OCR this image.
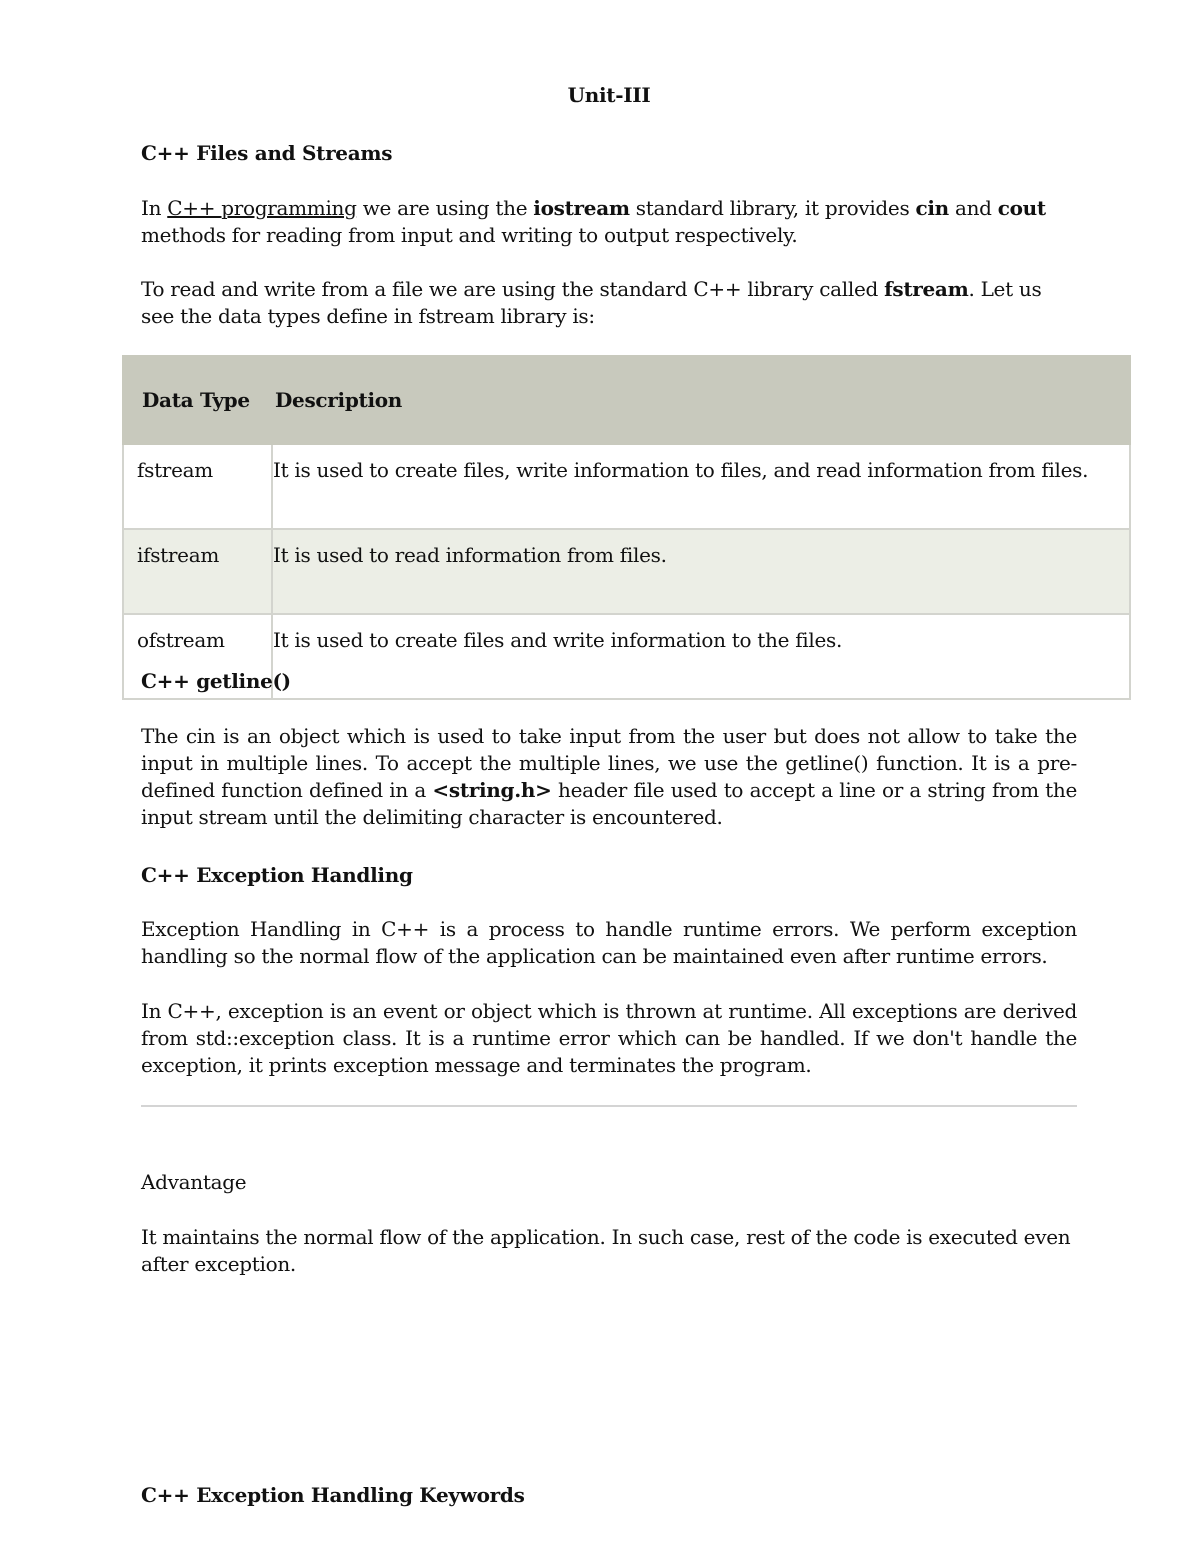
Unit-III
C++ Files and Streams
In C++ programming we are using the iostream standard library, it provides cin and cout methods for reading from input and writing to output respectively.
To read and write from a file we are using the standard C++ library called fstream. Let us see the data types define in fstream library is:
Data Type	Description
fstream	It is used to create files, write information to files, and read information from files.
ifstream	It is used to read information from files.
ofstream	It is used to create files and write information to the files.
C++ getline()
The cin is an object which is used to take input from the user but does not allow to take the input in multiple lines. To accept the multiple lines, we use the getline() function. It is a pre-defined function defined in a <string.h> header file used to accept a line or a string from the input stream until the delimiting character is encountered.
C++ Exception Handling
Exception Handling in C++ is a process to handle runtime errors. We perform exception handling so the normal flow of the application can be maintained even after runtime errors.
In C++, exception is an event or object which is thrown at runtime. All exceptions are derived from std::exception class. It is a runtime error which can be handled. If we don't handle the exception, it prints exception message and terminates the program.
Advantage
It maintains the normal flow of the application. In such case, rest of the code is executed even after exception.
C++ Exception Handling Keywords
